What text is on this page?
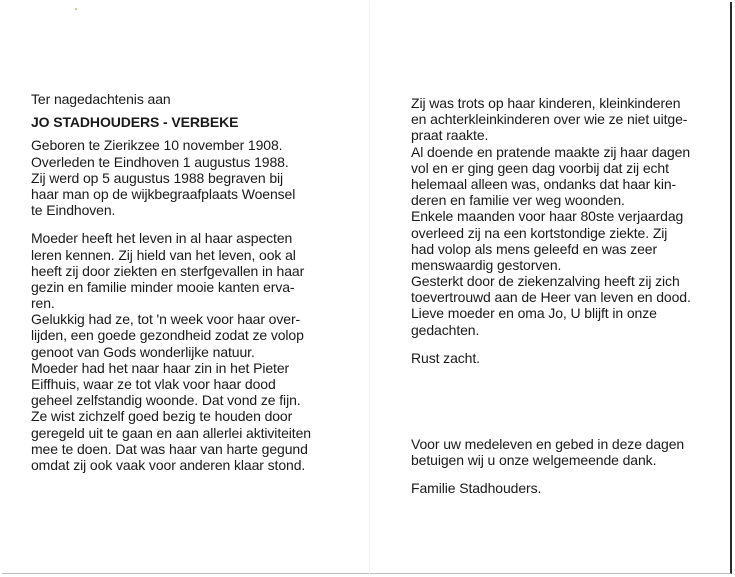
Ter nagedachtenis aan
JO STADHOUDERS - VERBEKE
Geboren te Zierikzee 10 november 1908.
Overleden te Eindhoven 1 augustus 1988.
Zij werd op 5 augustus 1988 begraven bij
haar man op de wijkbegraafplaats Woensel
te Eindhoven.
Moeder heeft het leven in al haar aspecten
leren kennen. Zij hield van het leven, ook al
heeft zij door ziekten en sterfgevallen in haar
gezin en familie minder mooie kanten erva-
ren.
Gelukkig had ze, tot 'n week voor haar over-
lijden, een goede gezondheid zodat ze volop
genoot van Gods wonderlijke natuur.
Moeder had het naar haar zin in het Pieter
Eiffhuis, waar ze tot vlak voor haar dood
geheel zelfstandig woonde. Dat vond ze fijn.
Ze wist zichzelf goed bezig te houden door
geregeld uit te gaan en aan allerlei aktiviteiten
mee te doen. Dat was haar van harte gegund
omdat zij ook vaak voor anderen klaar stond.
Zij was trots op haar kinderen, kleinkinderen
en achterkleinkinderen over wie ze niet uitge-
praat raakte.
Al doende en pratende maakte zij haar dagen
vol en er ging geen dag voorbij dat zij echt
helemaal alleen was, ondanks dat haar kin-
deren en familie ver weg woonden.
Enkele maanden voor haar 80ste verjaardag
overleed zij na een kortstondige ziekte. Zij
had volop als mens geleefd en was zeer
menswaardig gestorven.
Gesterkt door de ziekenzalving heeft zij zich
toevertrouwd aan de Heer van leven en dood.
Lieve moeder en oma Jo, U blijft in onze
gedachten.
Rust zacht.
Voor uw medeleven en gebed in deze dagen
betuigen wij u onze welgemeende dank.
Familie Stadhouders.
